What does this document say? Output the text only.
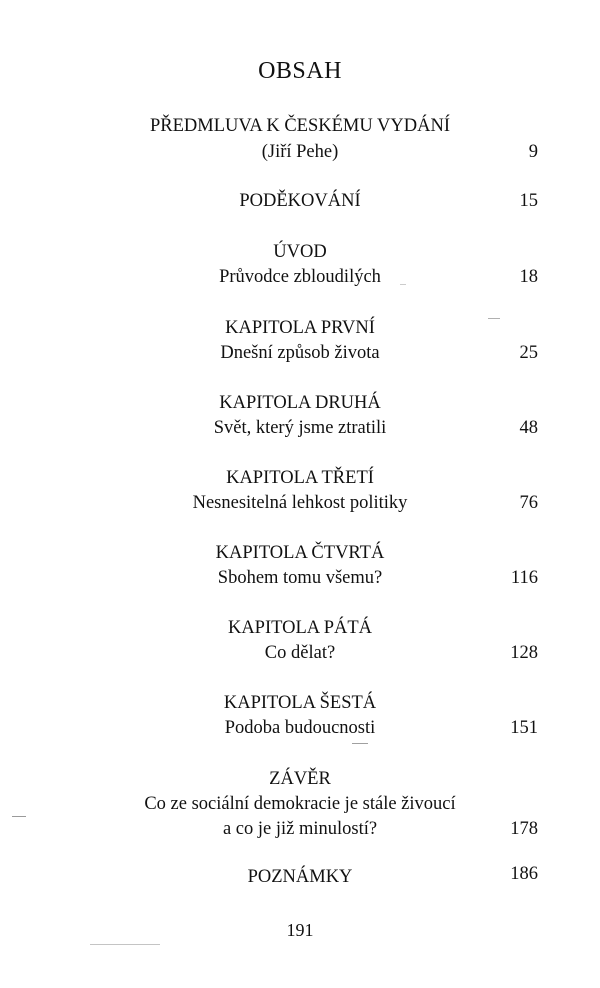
OBSAH
PŘEDMLUVA K ČESKÉMU VYDÁNÍ
(Jiří Pehe)	9
PODĚKOVÁNÍ	15
ÚVOD
Průvodce zbloudilých	18
KAPITOLA PRVNÍ
Dnešní způsob života	25
KAPITOLA DRUHÁ
Svět, který jsme ztratili	48
KAPITOLA TŘETÍ
Nesnesitelná lehkost politiky	76
KAPITOLA ČTVRTÁ
Sbohem tomu všemu?	116
KAPITOLA PÁTÁ
Co dělat?	128
KAPITOLA ŠESTÁ
Podoba budoucnosti	151
ZÁVĚR
Co ze sociální demokracie je stále živoucí
a co je již minulostí?	178
POZNÁMKY	186
191
